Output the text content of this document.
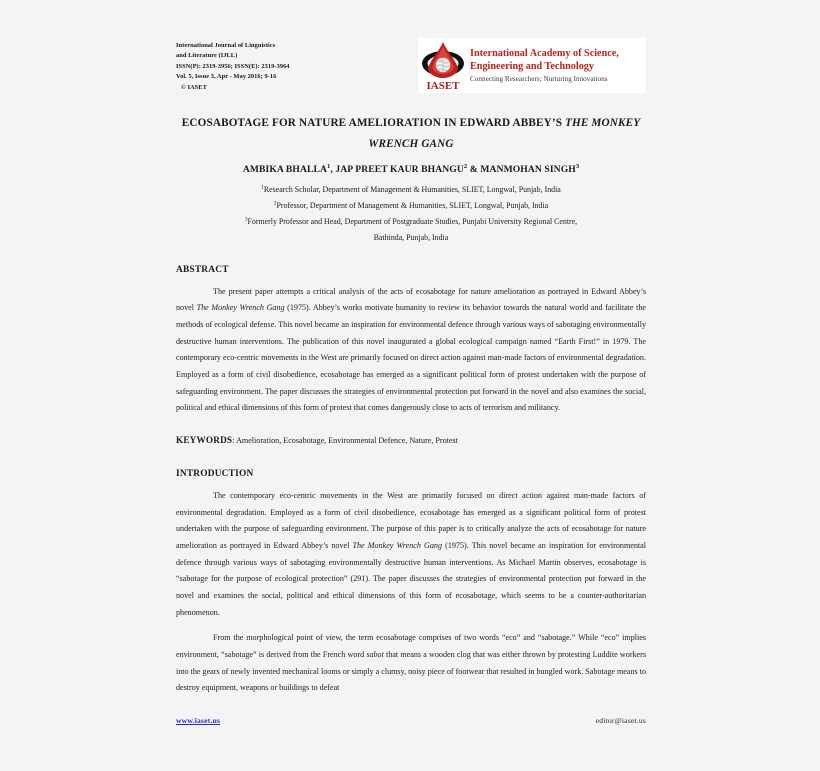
International Journal of Linguistics
and Literature (IJLL)
ISSN(P): 2319-3956; ISSN(E): 2319-3964
Vol. 5, Issue 3, Apr - May 2016; 9-16
© IASET	IASET
International Academy of Science,
Engineering and Technology
Connecting Researchers; Nurturing Innovations
ECOSABOTAGE FOR NATURE AMELIORATION IN EDWARD ABBEY’S THE MONKEY
WRENCH GANG
AMBIKA BHALLA$^1$, JAP PREET KAUR BHANGU$^2$ & MANMOHAN SINGH$^3$
$^1$Research Scholar, Department of Management & Humanities, SLIET, Longwal, Punjab, India
$^2$Professor, Department of Management & Humanities, SLIET, Longwal, Punjab, India
$^3$Formerly Professor and Head, Department of Postgraduate Studies, Punjabi University Regional Centre,
Bathinda, Punjab, India
ABSTRACT

The present paper attempts a critical analysis of the acts of ecosabotage for nature amelioration as portrayed in Edward Abbey’s novel The Monkey Wrench Gang (1975). Abbey’s works motivate humanity to review its behavior towards the natural world and facilitate the methods of ecological defense. This novel became an inspiration for environmental defence through various ways of sabotaging environmentally destructive human interventions. The publication of this novel inaugurated a global ecological campaign named “Earth First!” in 1979. The contemporary eco-centric movements in the West are primarily focused on direct action against man-made factors of environmental degradation. Employed as a form of civil disobedience, ecosabotage has emerged as a significant political form of protest undertaken with the purpose of safeguarding environment. The paper discusses the strategies of environmental protection put forward in the novel and also examines the social, political and ethical dimensions of this form of protest that comes dangerously close to acts of terrorism and militancy.

KEYWORDS: Amelioration, Ecosabotage, Environmental Defence, Nature, Protest

INTRODUCTION

The contemporary eco-centric movements in the West are primarily focused on direct action against man-made factors of environmental degradation. Employed as a form of civil disobedience, ecosabotage has emerged as a significant political form of protest undertaken with the purpose of safeguarding environment. The purpose of this paper is to critically analyze the acts of ecosabotage for nature amelioration as portrayed in Edward Abbey’s novel The Monkey Wrench Gang (1975). This novel became an inspiration for environmental defence through various ways of sabotaging environmentally destructive human interventions. As Michael Martin observes, ecosabotage is “sabotage for the purpose of ecological protection” (291). The paper discusses the strategies of environmental protection put forward in the novel and examines the social, political and ethical dimensions of this form of ecosabotage, which seems to be a counter-authoritarian phenomenon.

From the morphological point of view, the term ecosabotage comprises of two words “eco” and “sabotage.” While “eco” implies environment, “sabotage” is derived from the French word sabot that means a wooden clog that was either thrown by protesting Luddite workers into the gears of newly invented mechanical looms or simply a clumsy, noisy piece of footwear that resulted in bungled work. Sabotage means to destroy equipment, weapons or buildings to defeat

www.iaset.us	editor@iaset.us
